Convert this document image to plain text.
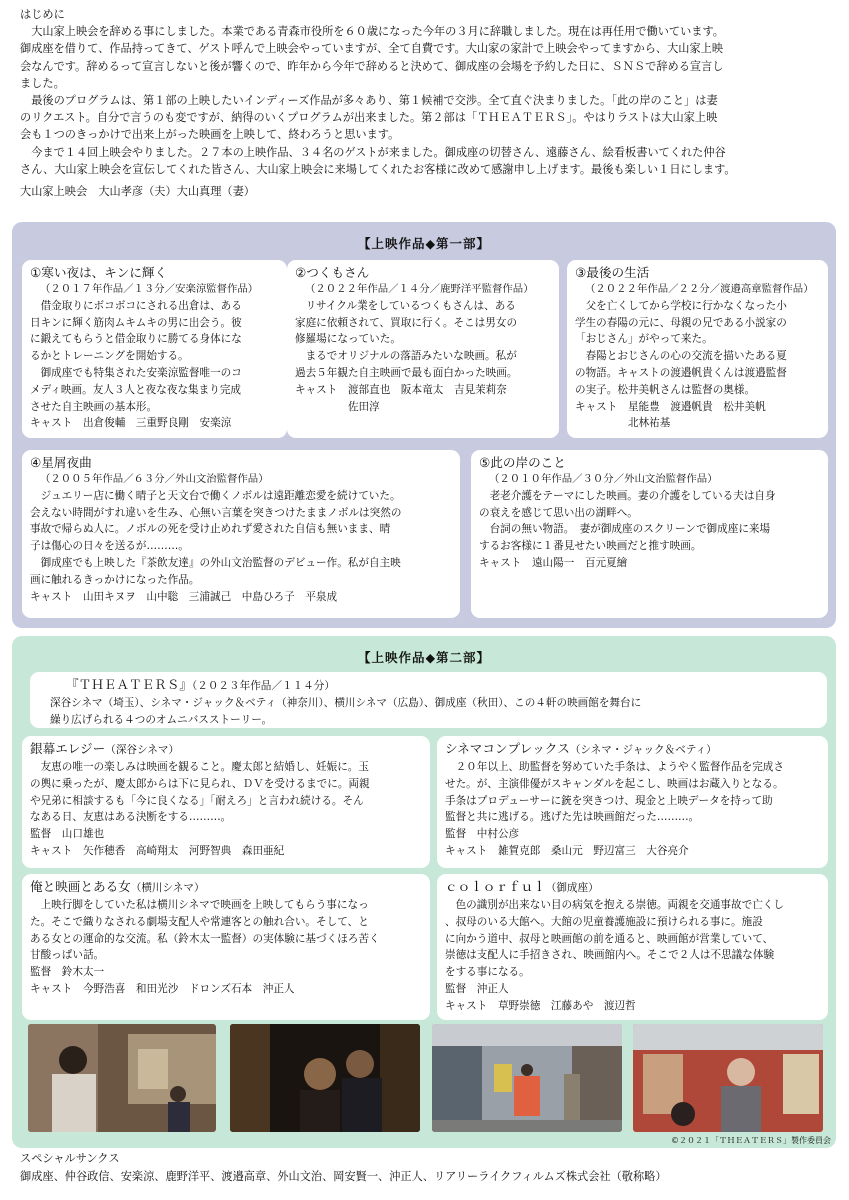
はじめに

大山家上映会を辞める事にしました。本業である青森市役所を６０歳になった今年の３月に辞職しました。現在は再任用で働いています。
御成座を借りて、作品持ってきて、ゲスト呼んで上映会やっていますが、全て自費です。大山家の家計で上映会やってますから、大山家上映
会なんです。辞めるって宣言しないと後が響くので、昨年から今年で辞めると決めて、御成座の会場を予約した日に、ＳＮＳで辞める宣言し
ました。

最後のプログラムは、第１部の上映したいインディーズ作品が多々あり、第１候補で交渉。全て直ぐ決まりました。「此の岸のこと」は妻
のリクエスト。自分で言うのも変ですが、納得のいくプログラムが出来ました。第２部は「ＴＨＥＡＴＥＲＳ」。やはりラストは大山家上映
会も１つのきっかけで出来上がった映画を上映して、終わろうと思います。

今まで１４回上映会やりました。２７本の上映作品、３４名のゲストが来ました。御成座の切替さん、遠藤さん、絵看板書いてくれた仲谷
さん、大山家上映会を宣伝してくれた皆さん、大山家上映会に来場してくれたお客様に改めて感謝申し上げます。最後も楽しい１日にします。

大山家上映会　大山孝彦（夫）大山真理（妻）

【上映作品◆第一部】
①寒い夜は、キンに輝く
（２０１７年作品／１３分／安楽涼監督作品）
借金取りにボコボコにされる出倉は、ある
日キンに輝く筋肉ムキムキの男に出会う。彼
に鍛えてもらうと借金取りに勝てる身体にな
るかとトレーニングを開始する。
御成座でも特集された安楽涼監督唯一のコ
メディ映画。友人３人と夜な夜な集まり完成
させた自主映画の基本形。
キャスト　出倉俊輔　三重野良剛　安楽涼
②つくもさん
（２０２２年作品／１４分／鹿野洋平監督作品）
リサイクル業をしているつくもさんは、ある
家庭に依頼されて、買取に行く。そこは男女の
修羅場になっていた。
まるでオリジナルの落語みたいな映画。私が
過去５年観た自主映画で最も面白かった映画。
キャスト　渡部直也　阪本竜太　吉見茉莉奈
　　　　　佐田淳
③最後の生活
（２０２２年作品／２２分／渡邉高章監督作品）
父を亡くしてから学校に行かなくなった小
学生の春陽の元に、母親の兄である小説家の
「おじさん」がやって来た。
春陽とおじさんの心の交流を描いたある夏
の物語。キャストの渡邉帆貴くんは渡邉監督
の実子。松井美帆さんは監督の奥様。
キャスト　星能豊　渡邉帆貴　松井美帆
　　　　　北林祐基
④星屑夜曲
（２００５年作品／６３分／外山文治監督作品）
ジュエリー店に働く晴子と天文台で働くノボルは遠距離恋愛を続けていた。
会えない時間がすれ違いを生み、心無い言葉を突きつけたままノボルは突然の
事故で帰らぬ人に。ノボルの死を受け止めれず愛された自信も無いまま、晴
子は傷心の日々を送るが………。
御成座でも上映した『茶飲友達』の外山文治監督のデビュー作。私が自主映
画に触れるきっかけになった作品。
キャスト　山田キヌヲ　山中聡　三浦誠己　中島ひろ子　平泉成
⑤此の岸のこと
（２０１０年作品／３０分／外山文治監督作品）
老老介護をテーマにした映画。妻の介護をしている夫は自身
の衰えを感じて思い出の湖畔へ。
台詞の無い物語。　妻が御成座のスクリーンで御成座に来場
するお客様に１番見せたい映画だと推す映画。
キャスト　遠山陽一　百元夏繪
【上映作品◆第二部】
『ＴＨＥＡＴＥＲＳ』（２０２３年作品／１１４分）
深谷シネマ（埼玉）、シネマ・ジャック＆ベティ（神奈川）、横川シネマ（広島）、御成座（秋田）、この４軒の映画館を舞台に
繰り広げられる４つのオムニバスストーリー。
銀幕エレジー（深谷シネマ）
友恵の唯一の楽しみは映画を観ること。慶太郎と結婚し、妊娠に。玉
の輿に乗ったが、慶太郎からは下に見られ、ＤＶを受けるまでに。両親
や兄弟に相談するも「今に良くなる」「耐えろ」と言われ続ける。そん
なある日、友恵はある決断をする………。
監督　山口雄也
キャスト　矢作穂香　高崎翔太　河野智典　森田亜紀
シネマコンプレックス（シネマ・ジャック＆ベティ）
２０年以上、助監督を努めていた手条は、ようやく監督作品を完成さ
せた。が、主演俳優がスキャンダルを起こし、映画はお蔵入りとなる。
手条はプロデューサーに銃を突きつけ、現金と上映データを持って助
監督と共に逃げる。逃げた先は映画館だった………。
監督　中村公彦
キャスト　雑賀克郎　桑山元　野辺富三　大谷亮介
俺と映画とある女（横川シネマ）
上映行脚をしていた私は横川シネマで映画を上映してもらう事になっ
た。そこで織りなされる劇場支配人や常連客との触れ合い。そして、と
ある女との運命的な交流。私（鈴木太一監督）の実体験に基づくほろ苦く
甘酸っぱい話。
監督　鈴木太一
キャスト　今野浩喜　和田光沙　ドロンズ石本　沖正人
ｃｏｌｏｒｆｕｌ（御成座）
色の識別が出来ない目の病気を抱える崇徳。両親を交通事故で亡くし
、叔母のいる大館へ。大館の児童養護施設に預けられる事に。施設
に向かう道中、叔母と映画館の前を通ると、映画館が営業していて、
崇徳は支配人に手招きされ、映画館内へ。そこで２人は不思議な体験
をする事になる。
監督　沖正人
キャスト　草野崇徳　江藤あや　渡辺哲
©２０２１「ＴＨＥＡＴＥＲＳ」製作委員会
スペシャルサンクス
御成座、仲谷政信、安楽涼、鹿野洋平、渡邉高章、外山文治、岡安賢一、沖正人、リアリーライクフィルムズ株式会社（敬称略）
